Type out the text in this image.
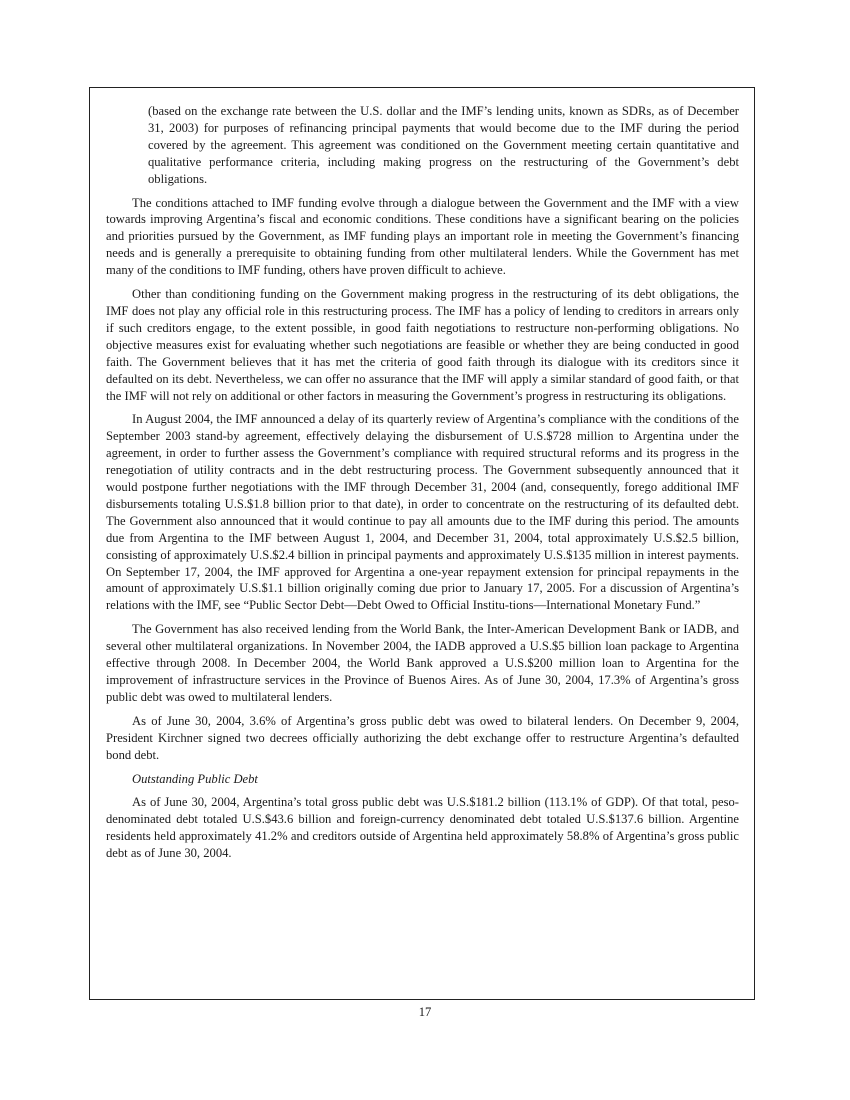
(based on the exchange rate between the U.S. dollar and the IMF’s lending units, known as SDRs, as of December 31, 2003) for purposes of refinancing principal payments that would become due to the IMF during the period covered by the agreement. This agreement was conditioned on the Government meeting certain quantitative and qualitative performance criteria, including making progress on the restructuring of the Government’s debt obligations.

The conditions attached to IMF funding evolve through a dialogue between the Government and the IMF with a view towards improving Argentina’s fiscal and economic conditions. These conditions have a significant bearing on the policies and priorities pursued by the Government, as IMF funding plays an important role in meeting the Government’s financing needs and is generally a prerequisite to obtaining funding from other multilateral lenders. While the Government has met many of the conditions to IMF funding, others have proven difficult to achieve.

Other than conditioning funding on the Government making progress in the restructuring of its debt obligations, the IMF does not play any official role in this restructuring process. The IMF has a policy of lending to creditors in arrears only if such creditors engage, to the extent possible, in good faith negotiations to restructure non-performing obligations. No objective measures exist for evaluating whether such negotiations are feasible or whether they are being conducted in good faith. The Government believes that it has met the criteria of good faith through its dialogue with its creditors since it defaulted on its debt. Nevertheless, we can offer no assurance that the IMF will apply a similar standard of good faith, or that the IMF will not rely on additional or other factors in measuring the Government’s progress in restructuring its obligations.

In August 2004, the IMF announced a delay of its quarterly review of Argentina’s compliance with the conditions of the September 2003 stand-by agreement, effectively delaying the disbursement of U.S.$728 million to Argentina under the agreement, in order to further assess the Government’s compliance with required structural reforms and its progress in the renegotiation of utility contracts and in the debt restructuring process. The Government subsequently announced that it would postpone further negotiations with the IMF through December 31, 2004 (and, consequently, forego additional IMF disbursements totaling U.S.$1.8 billion prior to that date), in order to concentrate on the restructuring of its defaulted debt. The Government also announced that it would continue to pay all amounts due to the IMF during this period. The amounts due from Argentina to the IMF between August 1, 2004, and December 31, 2004, total approximately U.S.$2.5 billion, consisting of approximately U.S.$2.4 billion in principal payments and approximately U.S.$135 million in interest payments. On September 17, 2004, the IMF approved for Argentina a one-year repayment extension for principal repayments in the amount of approximately U.S.$1.1 billion originally coming due prior to January 17, 2005. For a discussion of Argentina’s relations with the IMF, see “Public Sector Debt—Debt Owed to Official Institu-tions—International Monetary Fund.”

The Government has also received lending from the World Bank, the Inter-American Development Bank or IADB, and several other multilateral organizations. In November 2004, the IADB approved a U.S.$5 billion loan package to Argentina effective through 2008. In December 2004, the World Bank approved a U.S.$200 million loan to Argentina for the improvement of infrastructure services in the Province of Buenos Aires. As of June 30, 2004, 17.3% of Argentina’s gross public debt was owed to multilateral lenders.

As of June 30, 2004, 3.6% of Argentina’s gross public debt was owed to bilateral lenders. On December 9, 2004, President Kirchner signed two decrees officially authorizing the debt exchange offer to restructure Argentina’s defaulted bond debt.

Outstanding Public Debt

As of June 30, 2004, Argentina’s total gross public debt was U.S.$181.2 billion (113.1% of GDP). Of that total, peso-denominated debt totaled U.S.$43.6 billion and foreign-currency denominated debt totaled U.S.$137.6 billion. Argentine residents held approximately 41.2% and creditors outside of Argentina held approximately 58.8% of Argentina’s gross public debt as of June 30, 2004.

17
